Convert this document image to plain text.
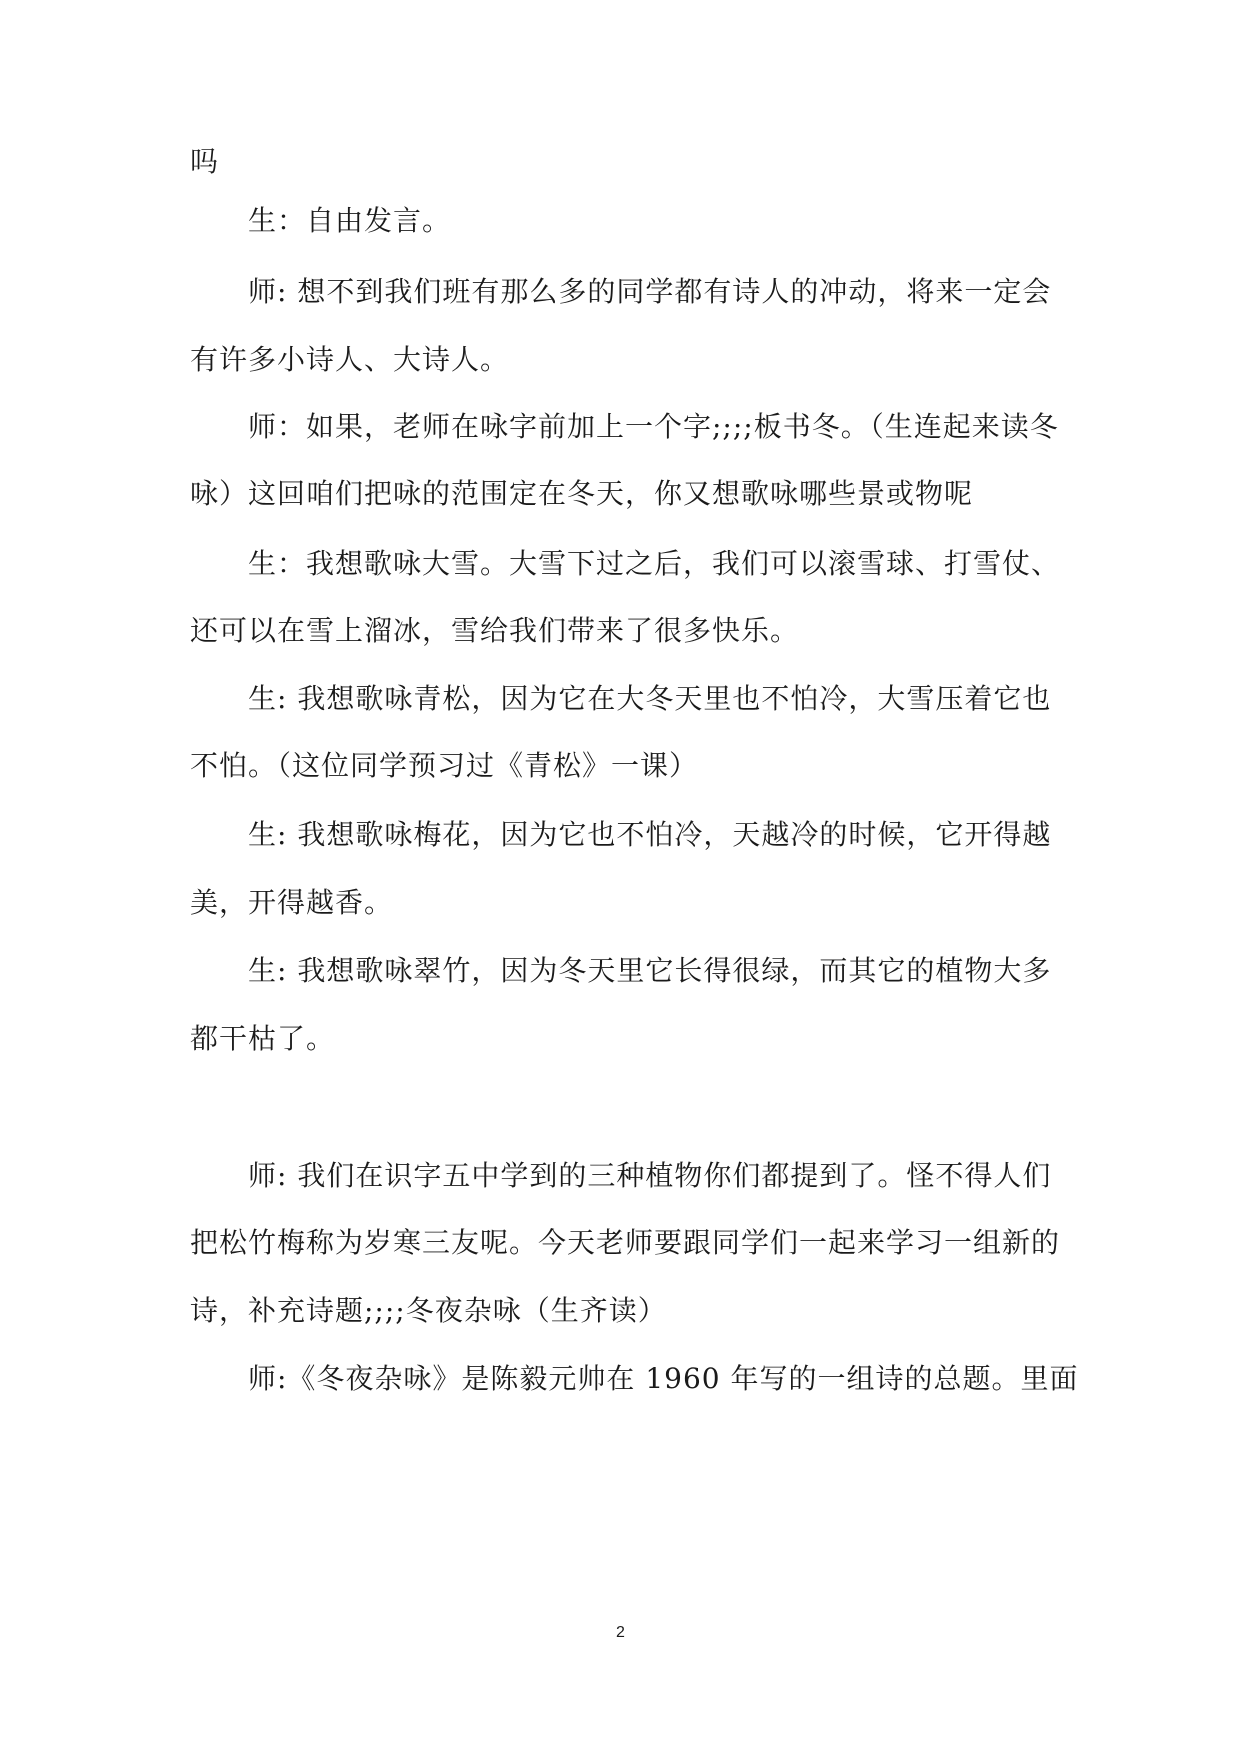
吗
生：自由发言。
师: 想不到我们班有那么多的同学都有诗人的冲动，将来一定会
有许多小诗人、大诗人。
师：如果，老师在咏字前加上一个字;;;;板书冬。（生连起来读冬
咏）这回咱们把咏的范围定在冬天，你又想歌咏哪些景或物呢
生：我想歌咏大雪。大雪下过之后，我们可以滚雪球、打雪仗、
还可以在雪上溜冰，雪给我们带来了很多快乐。
生: 我想歌咏青松，因为它在大冬天里也不怕冷，大雪压着它也
不怕。（这位同学预习过《青松》一课）
生: 我想歌咏梅花，因为它也不怕冷，天越冷的时候，它开得越
美，开得越香。
生: 我想歌咏翠竹，因为冬天里它长得很绿，而其它的植物大多
都干枯了。
师: 我们在识字五中学到的三种植物你们都提到了。怪不得人们
把松竹梅称为岁寒三友呢。今天老师要跟同学们一起来学习一组新的
诗，补充诗题;;;;冬夜杂咏（生齐读）
师:《冬夜杂咏》是陈毅元帅在 1960 年写的一组诗的总题。里面
2
